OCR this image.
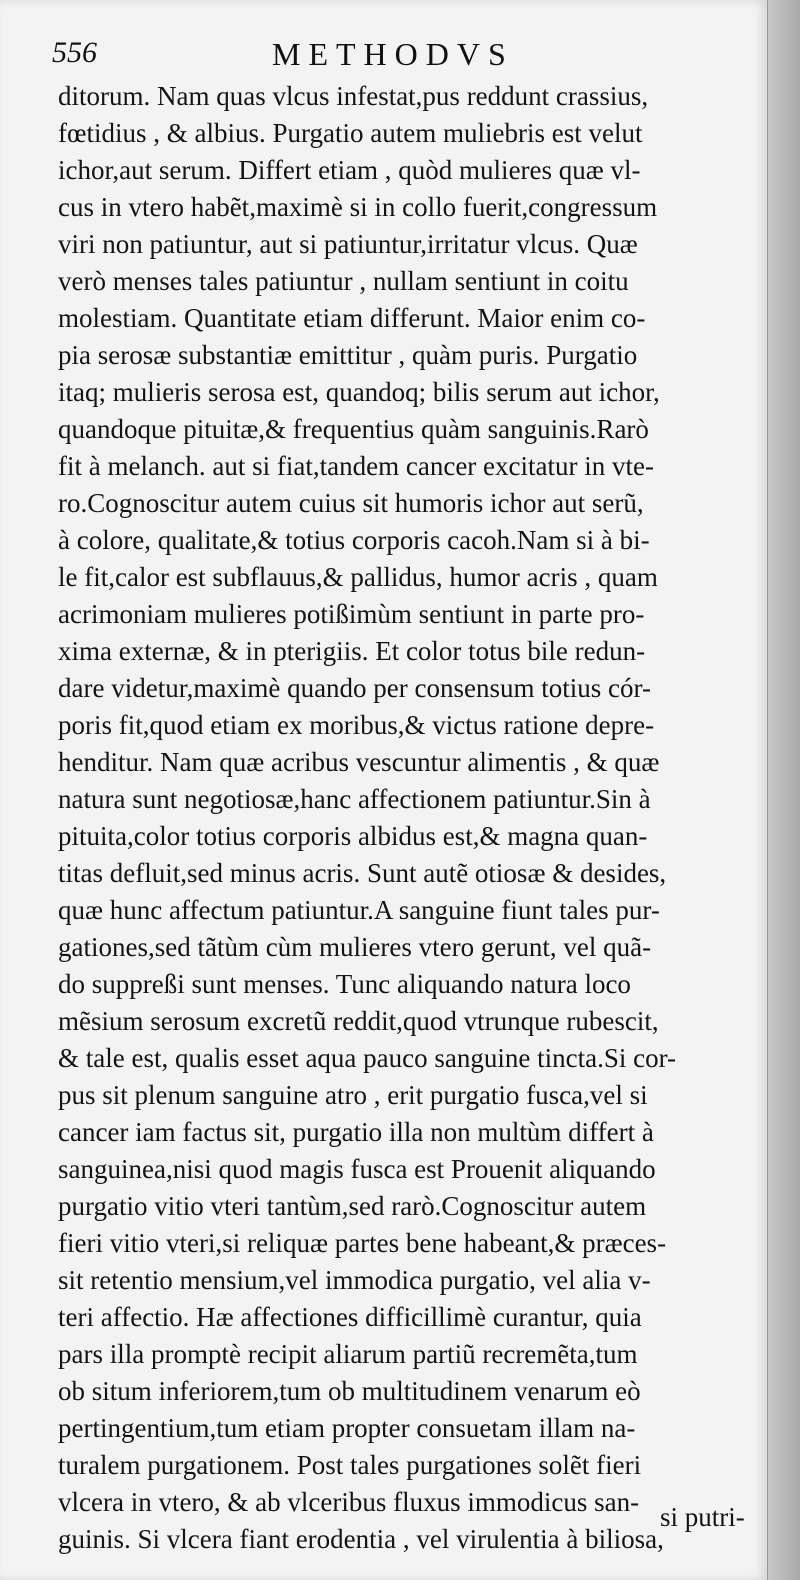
556	METHODVS
ditorum. Nam quas vlcus infestat,pus reddunt crassius,
fœtidius , & albius. Purgatio autem muliebris est velut
ichor,aut serum. Differt etiam , quòd mulieres quæ vl-
cus in vtero habẽt,maximè si in collo fuerit,congressum
viri non patiuntur, aut si patiuntur,irritatur vlcus. Quæ
verò menses tales patiuntur , nullam sentiunt in coitu
molestiam. Quantitate etiam differunt. Maior enim co-
pia serosæ substantiæ emittitur , quàm puris. Purgatio
itaq; mulieris serosa est, quandoq; bilis serum aut ichor,
quandoque pituitæ,& frequentius quàm sanguinis.Rarò
fit à melanch. aut si fiat,tandem cancer excitatur in vte-
ro.Cognoscitur autem cuius sit humoris ichor aut serũ,
à colore, qualitate,& totius corporis cacoh.Nam si à bi-
le fit,calor est subflauus,& pallidus, humor acris , quam
acrimoniam mulieres potißimùm sentiunt in parte pro-
xima externæ, & in pterigiis. Et color totus bile redun-
dare videtur,maximè quando per consensum totius cór-
poris fit,quod etiam ex moribus,& victus ratione depre-
henditur. Nam quæ acribus vescuntur alimentis , & quæ
natura sunt negotiosæ,hanc affectionem patiuntur.Sin à
pituita,color totius corporis albidus est,& magna quan-
titas defluit,sed minus acris. Sunt autẽ otiosæ & desides,
quæ hunc affectum patiuntur.A sanguine fiunt tales pur-
gationes,sed tãtùm cùm mulieres vtero gerunt, vel quã-
do suppreßi sunt menses. Tunc aliquando natura loco
mẽsium serosum excretũ reddit,quod vtrunque rubescit,
& tale est, qualis esset aqua pauco sanguine tincta.Si cor-
pus sit plenum sanguine atro , erit purgatio fusca,vel si
cancer iam factus sit, purgatio illa non multùm differt à
sanguinea,nisi quod magis fusca est Prouenit aliquando
purgatio vitio vteri tantùm,sed rarò.Cognoscitur autem
fieri vitio vteri,si reliquæ partes bene habeant,& præces-
sit retentio mensium,vel immodica purgatio, vel alia v-
teri affectio. Hæ affectiones difficillimè curantur, quia
pars illa promptè recipit aliarum partiũ recremẽta,tum
ob situm inferiorem,tum ob multitudinem venarum eò
pertingentium,tum etiam propter consuetam illam na-
turalem purgationem. Post tales purgationes solẽt fieri
vlcera in vtero, & ab vlceribus fluxus immodicus san-
guinis. Si vlcera fiant erodentia , vel virulentia à biliosa,
si putri-
